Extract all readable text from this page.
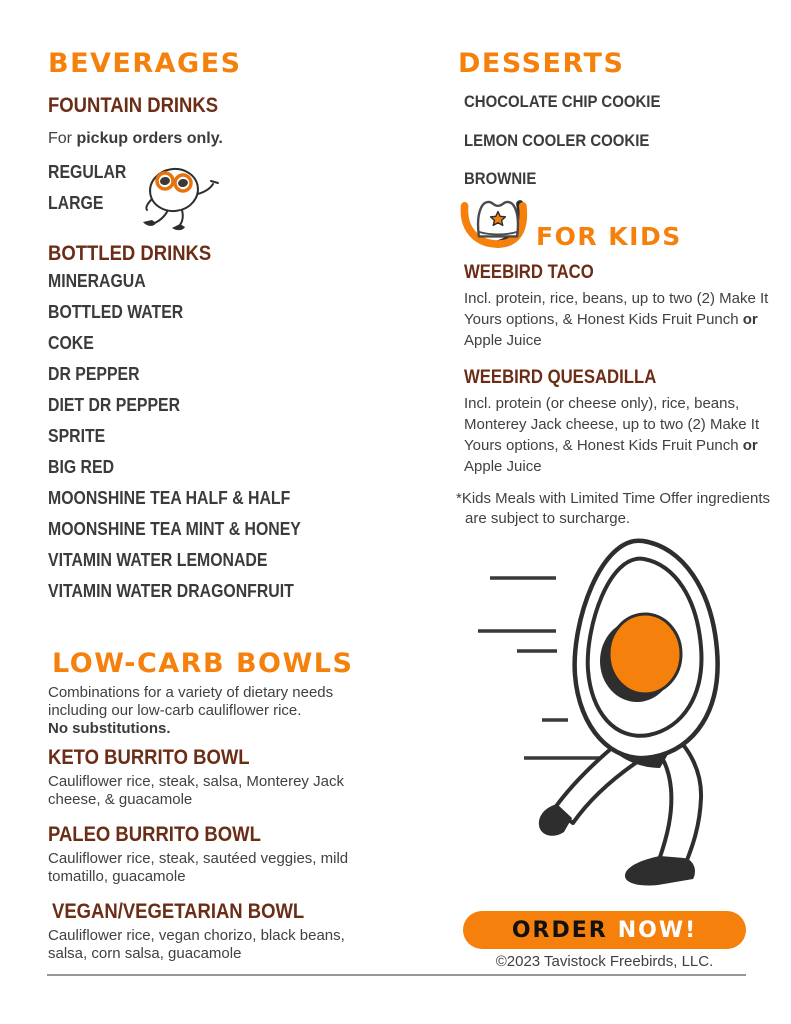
BEVERAGES
FOUNTAIN DRINKS

For pickup orders only.

REGULAR
LARGE
BOTTLED DRINKS
MINERAGUA
BOTTLED WATER
COKE
DR PEPPER
DIET DR PEPPER
SPRITE
BIG RED
MOONSHINE TEA HALF & HALF
MOONSHINE TEA MINT & HONEY
VITAMIN WATER LEMONADE
VITAMIN WATER DRAGONFRUIT
LOW-CARB BOWLS

Combinations for a variety of dietary needs including our low-carb cauliflower rice.
No substitutions.

KETO BURRITO BOWL

Cauliflower rice, steak, salsa, Monterey Jack cheese, & guacamole

PALEO BURRITO BOWL

Cauliflower rice, steak, sautéed veggies, mild tomatillo, guacamole

VEGAN/VEGETARIAN BOWL

Cauliflower rice, vegan chorizo, black beans, salsa, corn salsa, guacamole

DESSERTS
CHOCOLATE CHIP COOKIE
LEMON COOLER COOKIE
BROWNIE
FOR KIDS
WEEBIRD TACO

Incl. protein, rice, beans, up to two (2) Make It Yours options, & Honest Kids Fruit Punch or Apple Juice

WEEBIRD QUESADILLA

Incl. protein (or cheese only), rice, beans, Monterey Jack cheese, up to two (2) Make It Yours options, & Honest Kids Fruit Punch or Apple Juice

*Kids Meals with Limited Time Offer ingredients are subject to surcharge.

ORDER NOW!
©2023 Tavistock Freebirds, LLC.
